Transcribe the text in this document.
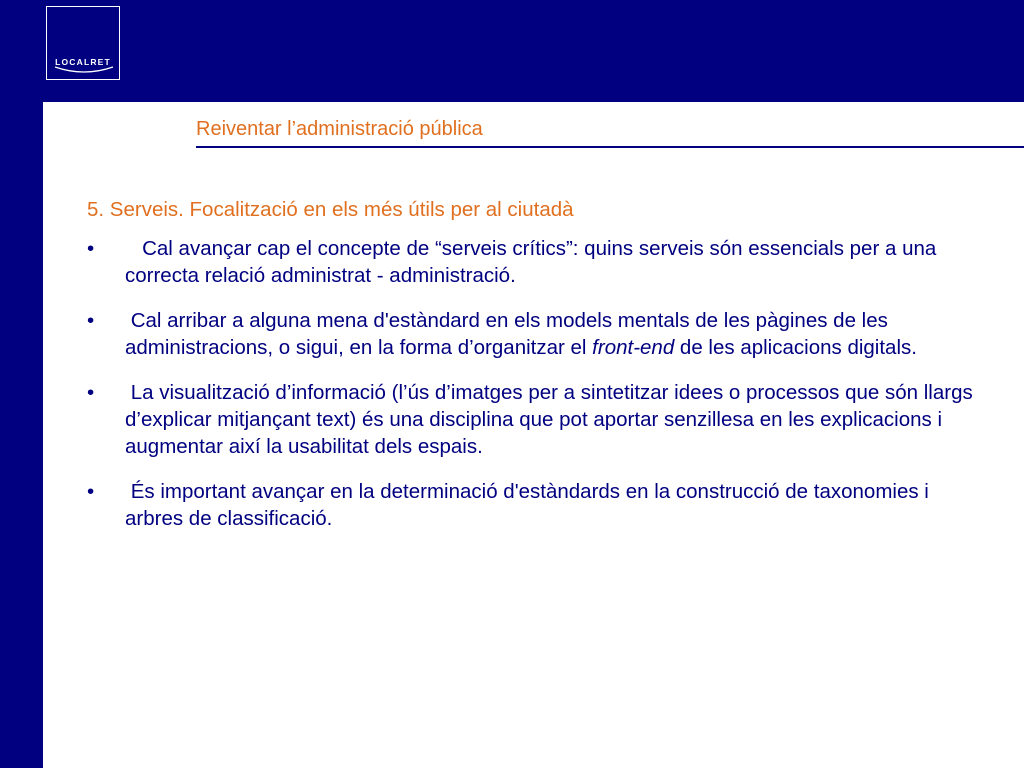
LOCALRET
Reiventar l’administració pública
5. Serveis. Focalització en els més útils per al ciutadà
•	Cal avançar cap el concepte de “serveis crítics”: quins serveis són essencials per a una correcta relació administrat - administració.
•	Cal arribar a alguna mena d'estàndard en els models mentals de les pàgines de les administracions, o sigui, en la forma d’organitzar el front-end de les aplicacions digitals.
•	La visualització d’informació (l’ús d’imatges per a sintetitzar idees o processos que són llargs d’explicar mitjançant text) és una disciplina que pot aportar senzillesa en les explicacions i augmentar així la usabilitat dels espais.
•	És important avançar en la determinació d'estàndards en la construcció de taxonomies i arbres de classificació.
